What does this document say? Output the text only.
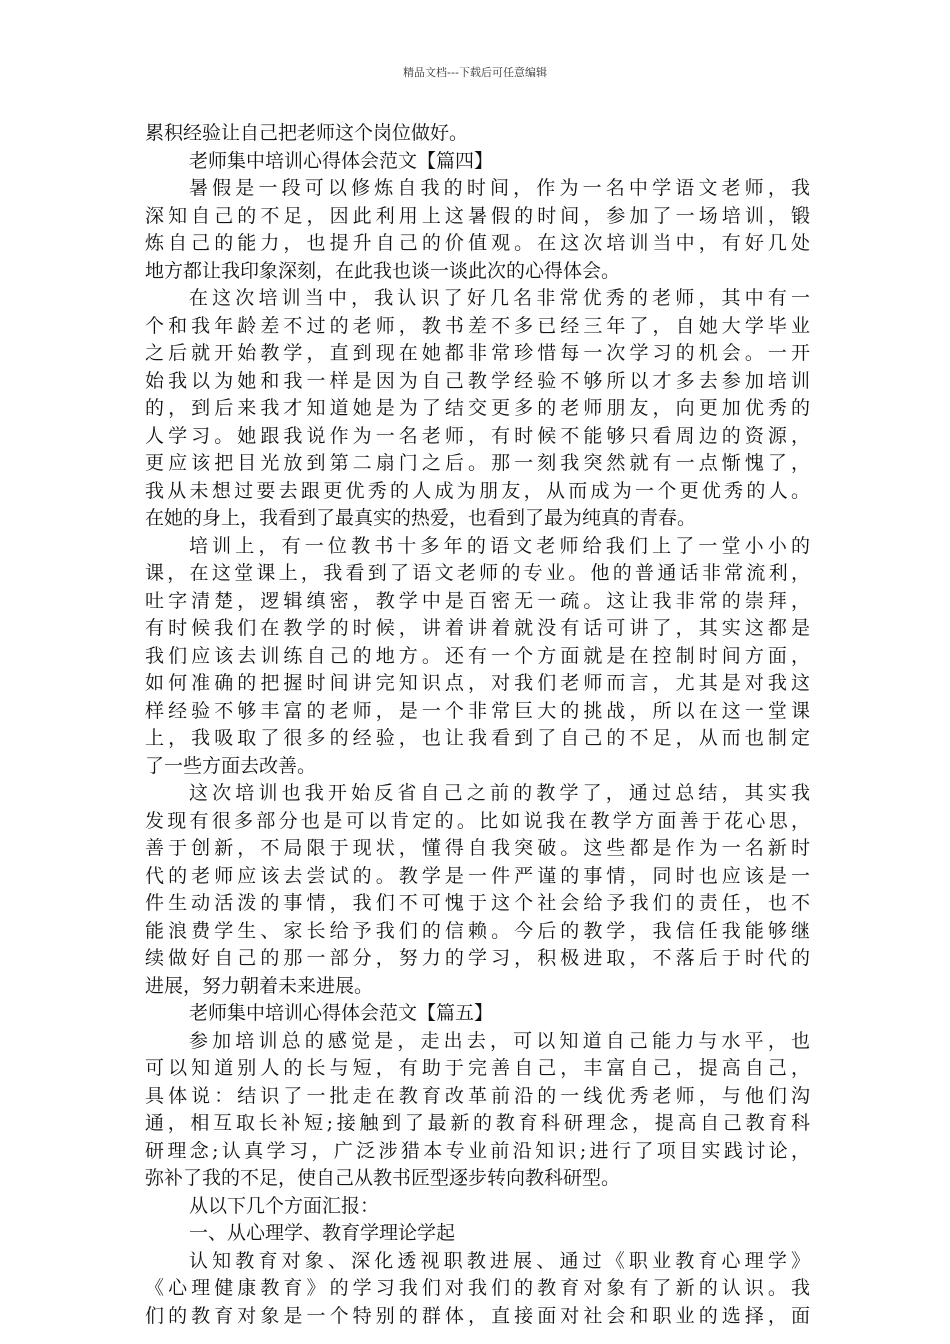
精品文档---下载后可任意编辑
累积经验让自己把老师这个岗位做好。
老师集中培训心得体会范文【篇四】
暑假是一段可以修炼自我的时间，作为一名中学语文老师，我
深知自己的不足，因此利用上这暑假的时间，参加了一场培训，锻
炼自己的能力，也提升自己的价值观。在这次培训当中，有好几处
地方都让我印象深刻，在此我也谈一谈此次的心得体会。
在这次培训当中，我认识了好几名非常优秀的老师，其中有一
个和我年龄差不过的老师，教书差不多已经三年了，自她大学毕业
之后就开始教学，直到现在她都非常珍惜每一次学习的机会。一开
始我以为她和我一样是因为自己教学经验不够所以才多去参加培训
的，到后来我才知道她是为了结交更多的老师朋友，向更加优秀的
人学习。她跟我说作为一名老师，有时候不能够只看周边的资源，
更应该把目光放到第二扇门之后。那一刻我突然就有一点惭愧了，
我从未想过要去跟更优秀的人成为朋友，从而成为一个更优秀的人。
在她的身上，我看到了最真实的热爱，也看到了最为纯真的青春。
培训上，有一位教书十多年的语文老师给我们上了一堂小小的
课，在这堂课上，我看到了语文老师的专业。他的普通话非常流利，
吐字清楚，逻辑缜密，教学中是百密无一疏。这让我非常的崇拜，
有时候我们在教学的时候，讲着讲着就没有话可讲了，其实这都是
我们应该去训练自己的地方。还有一个方面就是在控制时间方面，
如何准确的把握时间讲完知识点，对我们老师而言，尤其是对我这
样经验不够丰富的老师，是一个非常巨大的挑战，所以在这一堂课
上，我吸取了很多的经验，也让我看到了自己的不足，从而也制定
了一些方面去改善。
这次培训也我开始反省自己之前的教学了，通过总结，其实我
发现有很多部分也是可以肯定的。比如说我在教学方面善于花心思，
善于创新，不局限于现状，懂得自我突破。这些都是作为一名新时
代的老师应该去尝试的。教学是一件严谨的事情，同时也应该是一
件生动活泼的事情，我们不可愧于这个社会给予我们的责任，也不
能浪费学生、家长给予我们的信赖。今后的教学，我信任我能够继
续做好自己的那一部分，努力的学习，积极进取，不落后于时代的
进展，努力朝着未来进展。
老师集中培训心得体会范文【篇五】
参加培训总的感觉是，走出去，可以知道自己能力与水平，也
可以知道别人的长与短，有助于完善自己，丰富自己，提高自己，
具体说：结识了一批走在教育改革前沿的一线优秀老师，与他们沟
通，相互取长补短;接触到了最新的教育科研理念，提高自己教育科
研理念;认真学习，广泛涉猎本专业前沿知识;进行了项目实践讨论，
弥补了我的不足，使自己从教书匠型逐步转向教科研型。
从以下几个方面汇报：
一、从心理学、教育学理论学起
认知教育对象、深化透视职教进展、通过《职业教育心理学》
《心理健康教育》的学习我们对我们的教育对象有了新的认识。我
们的教育对象是一个特别的群体，直接面对社会和职业的选择，面
